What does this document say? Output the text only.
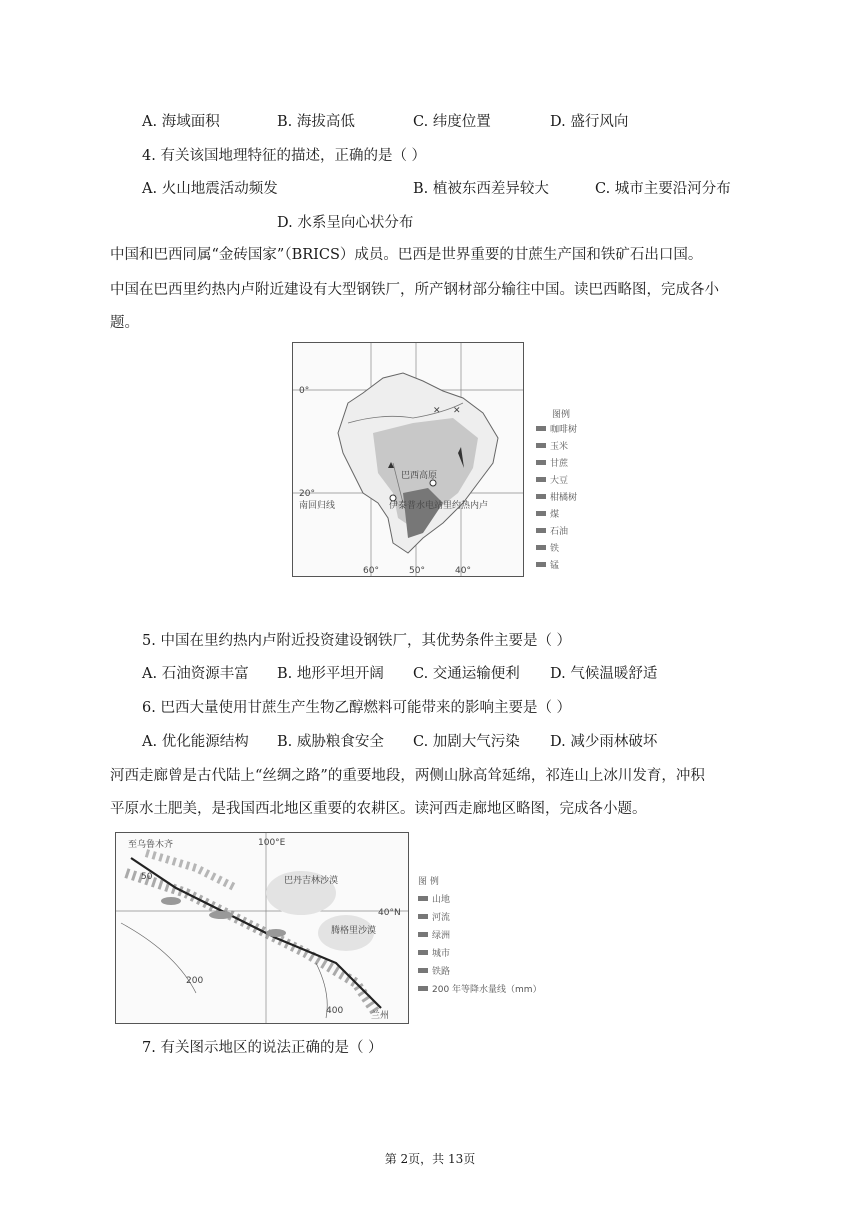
A. 海域面积	B. 海拔高低	C. 纬度位置	D. 盛行风向
4. 有关该国地理特征的描述，正确的是（ ）
A. 火山地震活动频发	B. 植被东西差异较大	C. 城市主要沿河分布
D. 水系呈向心状分布
中国和巴西同属“金砖国家”（BRICS）成员。巴西是世界重要的甘蔗生产国和铁矿石出口国。
中国在巴西里约热内卢附近建设有大型钢铁厂，所产钢材部分输往中国。读巴西略图，完成各小
题。
✕ ✕
0°
20°
60°	50°	40°
巴西高原
南回归线	伊泰普水电站 里约热内卢
图例
咖啡树
玉米
甘蔗
大豆
柑橘树
煤
石油
铁
锰
5. 中国在里约热内卢附近投资建设钢铁厂，其优势条件主要是（ ）
A. 石油资源丰富 B. 地形平坦开阔 C. 交通运输便利 D. 气候温暖舒适
6. 巴西大量使用甘蔗生产生物乙醇燃料可能带来的影响主要是（ ）
A. 优化能源结构 B. 威胁粮食安全 C. 加剧大气污染 D. 减少雨林破坏
河西走廊曾是古代陆上“丝绸之路”的重要地段，两侧山脉高耸延绵，祁连山上冰川发育，冲积
平原水土肥美，是我国西北地区重要的农耕区。读河西走廊地区略图，完成各小题。
至乌鲁木齐	100°E
40°N
巴丹吉林沙漠
腾格里沙漠
兰州
50
200
400
图 例
山地
河流
绿洲
城市
铁路
200 年等降水量线（mm）
7. 有关图示地区的说法正确的是（ ）
第 2页，共 13页
